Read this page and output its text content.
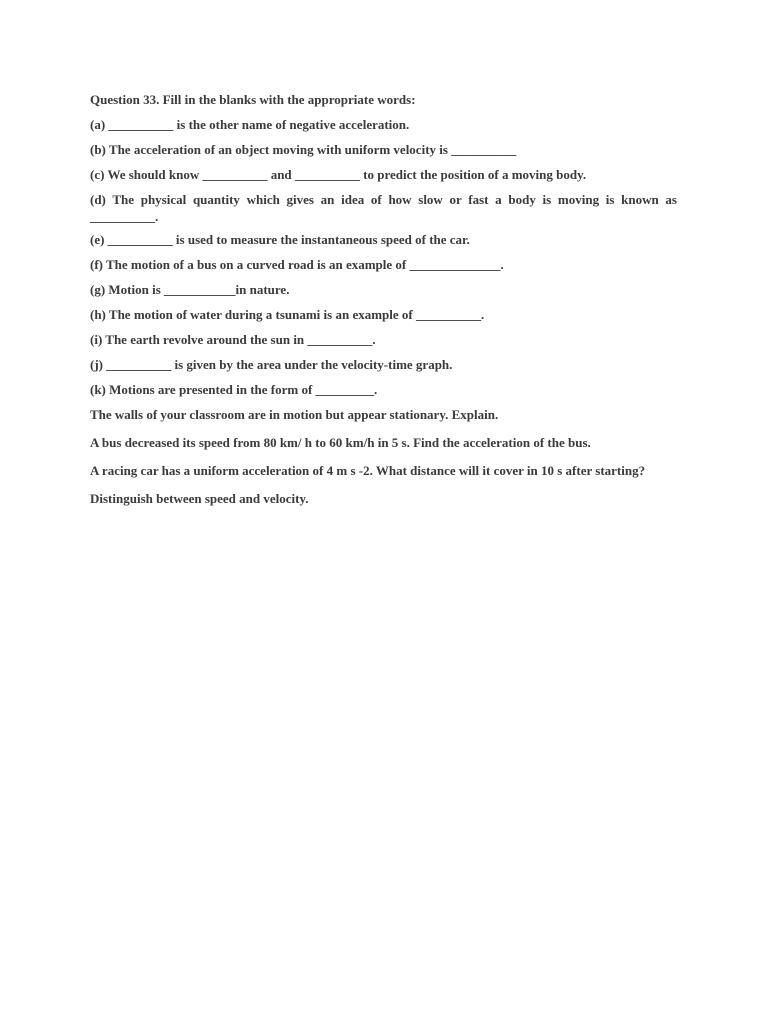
Question 33. Fill in the blanks with the appropriate words:
(a) __________ is the other name of negative acceleration.
(b) The acceleration of an object moving with uniform velocity is __________
(c) We should know __________ and __________ to predict the position of a moving body.
(d) The physical quantity which gives an idea of how slow or fast a body is moving is known as __________.
(e) __________ is used to measure the instantaneous speed of the car.
(f) The motion of a bus on a curved road is an example of ______________.
(g) Motion is ___________in nature.
(h) The motion of water during a tsunami is an example of __________.
(i) The earth revolve around the sun in __________.
(j) __________ is given by the area under the velocity-time graph.
(k) Motions are presented in the form of _________.
The walls of your classroom are in motion but appear stationary. Explain.
A bus decreased its speed from 80 km/ h to 60 km/h in 5 s. Find the acceleration of the bus.
A racing car has a uniform acceleration of 4 m s -2. What distance will it cover in 10 s after starting?
Distinguish between speed and velocity.
